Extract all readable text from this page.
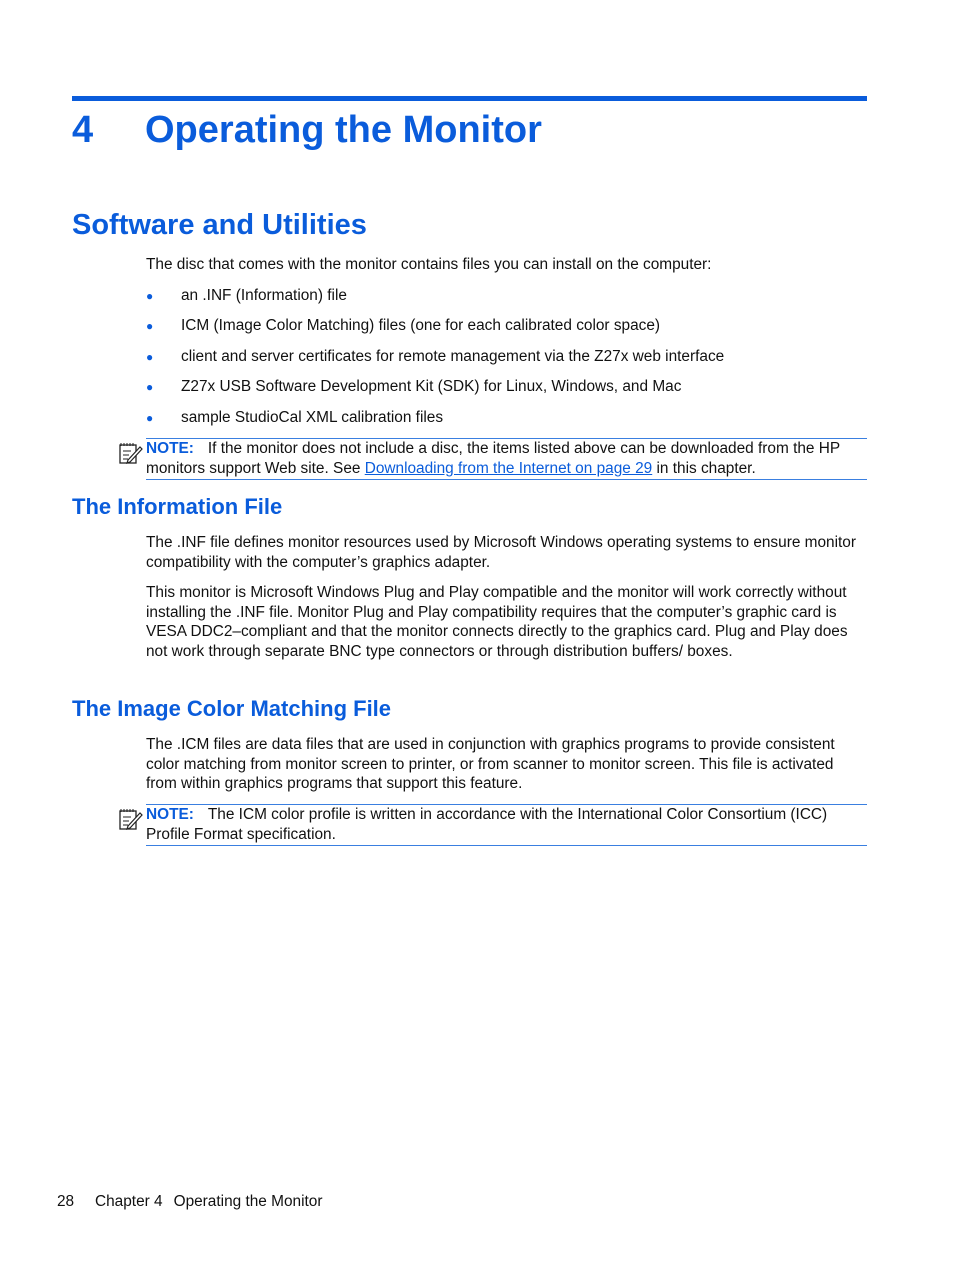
4 Operating the Monitor
Software and Utilities

The disc that comes with the monitor contains files you can install on the computer:

● an .INF (Information) file
● ICM (Image Color Matching) files (one for each calibrated color space)
● client and server certificates for remote management via the Z27x web interface
● Z27x USB Software Development Kit (SDK) for Linux, Windows, and Mac
● sample StudioCal XML calibration files
NOTE: If the monitor does not include a disc, the items listed above can be downloaded from the HP monitors support Web site. See Downloading from the Internet on page 29 in this chapter.
The Information File

The .INF file defines monitor resources used by Microsoft Windows operating systems to ensure monitor compatibility with the computer’s graphics adapter.

This monitor is Microsoft Windows Plug and Play compatible and the monitor will work correctly without installing the .INF file. Monitor Plug and Play compatibility requires that the computer’s graphic card is VESA DDC2–compliant and that the monitor connects directly to the graphics card. Plug and Play does not work through separate BNC type connectors or through distribution buffers/ boxes.

The Image Color Matching File

The .ICM files are data files that are used in conjunction with graphics programs to provide consistent color matching from monitor screen to printer, or from scanner to monitor screen. This file is activated from within graphics programs that support this feature.

NOTE: The ICM color profile is written in accordance with the International Color Consortium (ICC) Profile Format specification.
28 Chapter 4 Operating the Monitor
